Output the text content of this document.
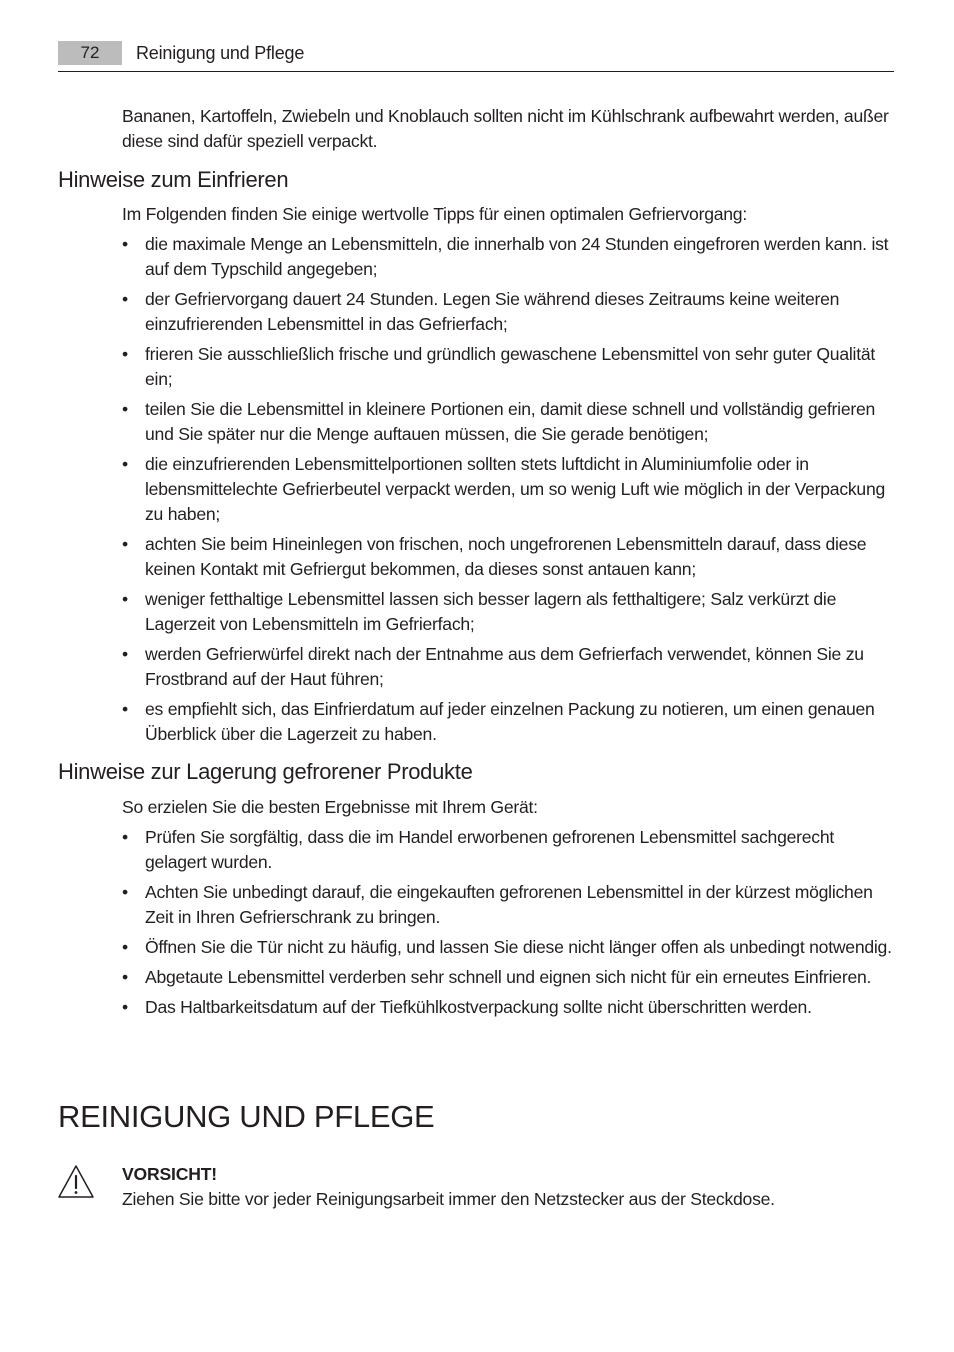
72	Reinigung und Pflege
Bananen, Kartoffeln, Zwiebeln und Knoblauch sollten nicht im Kühlschrank aufbewahrt werden, außer diese sind dafür speziell verpackt.
Hinweise zum Einfrieren
Im Folgenden finden Sie einige wertvolle Tipps für einen optimalen Gefriervorgang:
• die maximale Menge an Lebensmitteln, die innerhalb von 24 Stunden eingefroren werden kann. ist auf dem Typschild angegeben;
• der Gefriervorgang dauert 24 Stunden. Legen Sie während dieses Zeitraums keine weiteren einzufrierenden Lebensmittel in das Gefrierfach;
• frieren Sie ausschließlich frische und gründlich gewaschene Lebensmittel von sehr guter Qualität ein;
• teilen Sie die Lebensmittel in kleinere Portionen ein, damit diese schnell und vollständig gefrieren und Sie später nur die Menge auftauen müssen, die Sie gerade benötigen;
• die einzufrierenden Lebensmittelportionen sollten stets luftdicht in Aluminiumfolie oder in lebensmittelechte Gefrierbeutel verpackt werden, um so wenig Luft wie möglich in der Verpackung zu haben;
• achten Sie beim Hineinlegen von frischen, noch ungefrorenen Lebensmitteln darauf, dass diese keinen Kontakt mit Gefriergut bekommen, da dieses sonst antauen kann;
• weniger fetthaltige Lebensmittel lassen sich besser lagern als fetthaltigere; Salz verkürzt die Lagerzeit von Lebensmitteln im Gefrierfach;
• werden Gefrierwürfel direkt nach der Entnahme aus dem Gefrierfach verwendet, können Sie zu Frostbrand auf der Haut führen;
• es empfiehlt sich, das Einfrierdatum auf jeder einzelnen Packung zu notieren, um einen genauen Überblick über die Lagerzeit zu haben.
Hinweise zur Lagerung gefrorener Produkte
So erzielen Sie die besten Ergebnisse mit Ihrem Gerät:
• Prüfen Sie sorgfältig, dass die im Handel erworbenen gefrorenen Lebensmittel sachgerecht gelagert wurden.
• Achten Sie unbedingt darauf, die eingekauften gefrorenen Lebensmittel in der kürzest möglichen Zeit in Ihren Gefrierschrank zu bringen.
• Öffnen Sie die Tür nicht zu häufig, und lassen Sie diese nicht länger offen als unbedingt notwendig.
• Abgetaute Lebensmittel verderben sehr schnell und eignen sich nicht für ein erneutes Einfrieren.
• Das Haltbarkeitsdatum auf der Tiefkühlkostverpackung sollte nicht überschritten werden.
REINIGUNG UND PFLEGE
VORSICHT!
Ziehen Sie bitte vor jeder Reinigungsarbeit immer den Netzstecker aus der Steckdose.
